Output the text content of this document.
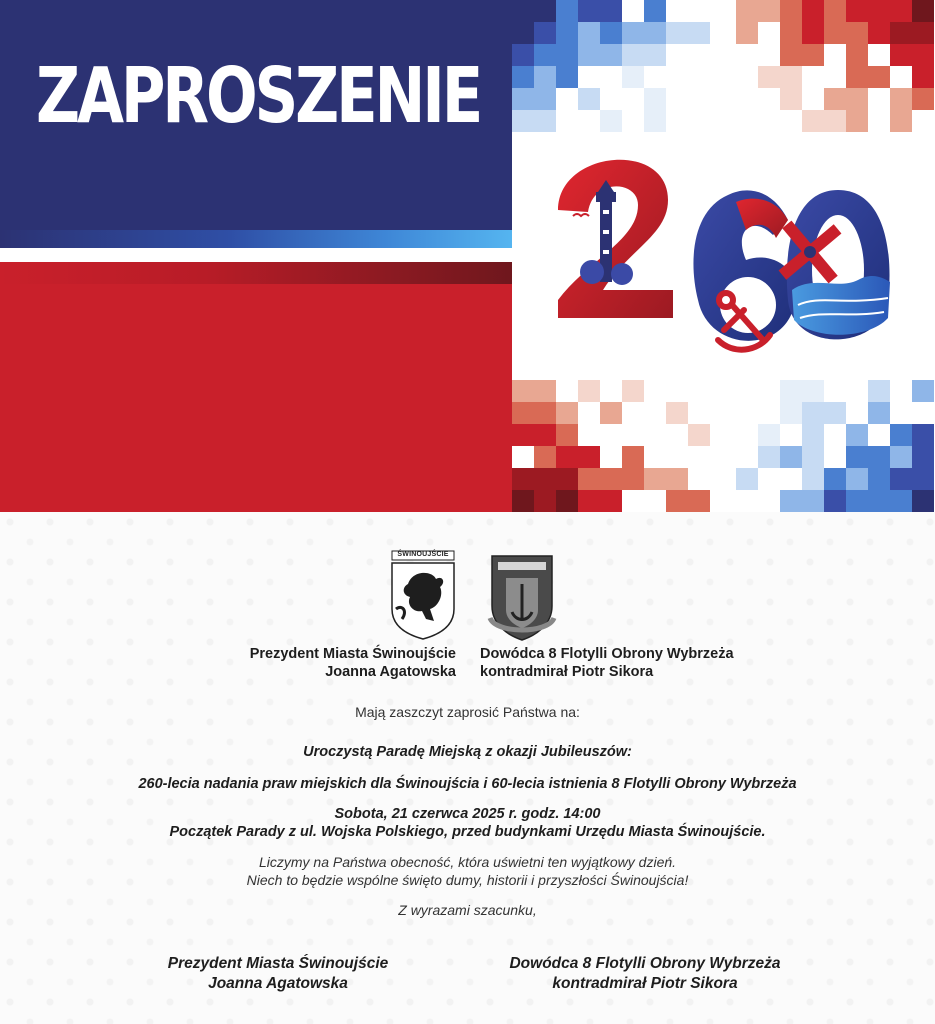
ZAPROSZENIE
ŚWINOUJŚCIE
Prezydent Miasta Świnoujście
Joanna Agatowska
Dowódca 8 Flotylli Obrony Wybrzeża
kontradmirał Piotr Sikora
Mają zaszczyt zaprosić Państwa na:
Uroczystą Paradę Miejską z okazji Jubileuszów:
260-lecia nadania praw miejskich dla Świnoujścia i 60-lecia istnienia 8 Flotylli Obrony Wybrzeża
Sobota, 21 czerwca 2025 r. godz. 14:00
Początek Parady z ul. Wojska Polskiego, przed budynkami Urzędu Miasta Świnoujście.
Liczymy na Państwa obecność, która uświetni ten wyjątkowy dzień.
Niech to będzie wspólne święto dumy, historii i przyszłości Świnoujścia!
Z wyrazami szacunku,
Prezydent Miasta Świnoujście
Joanna Agatowska
Dowódca 8 Flotylli Obrony Wybrzeża
kontradmirał Piotr Sikora
